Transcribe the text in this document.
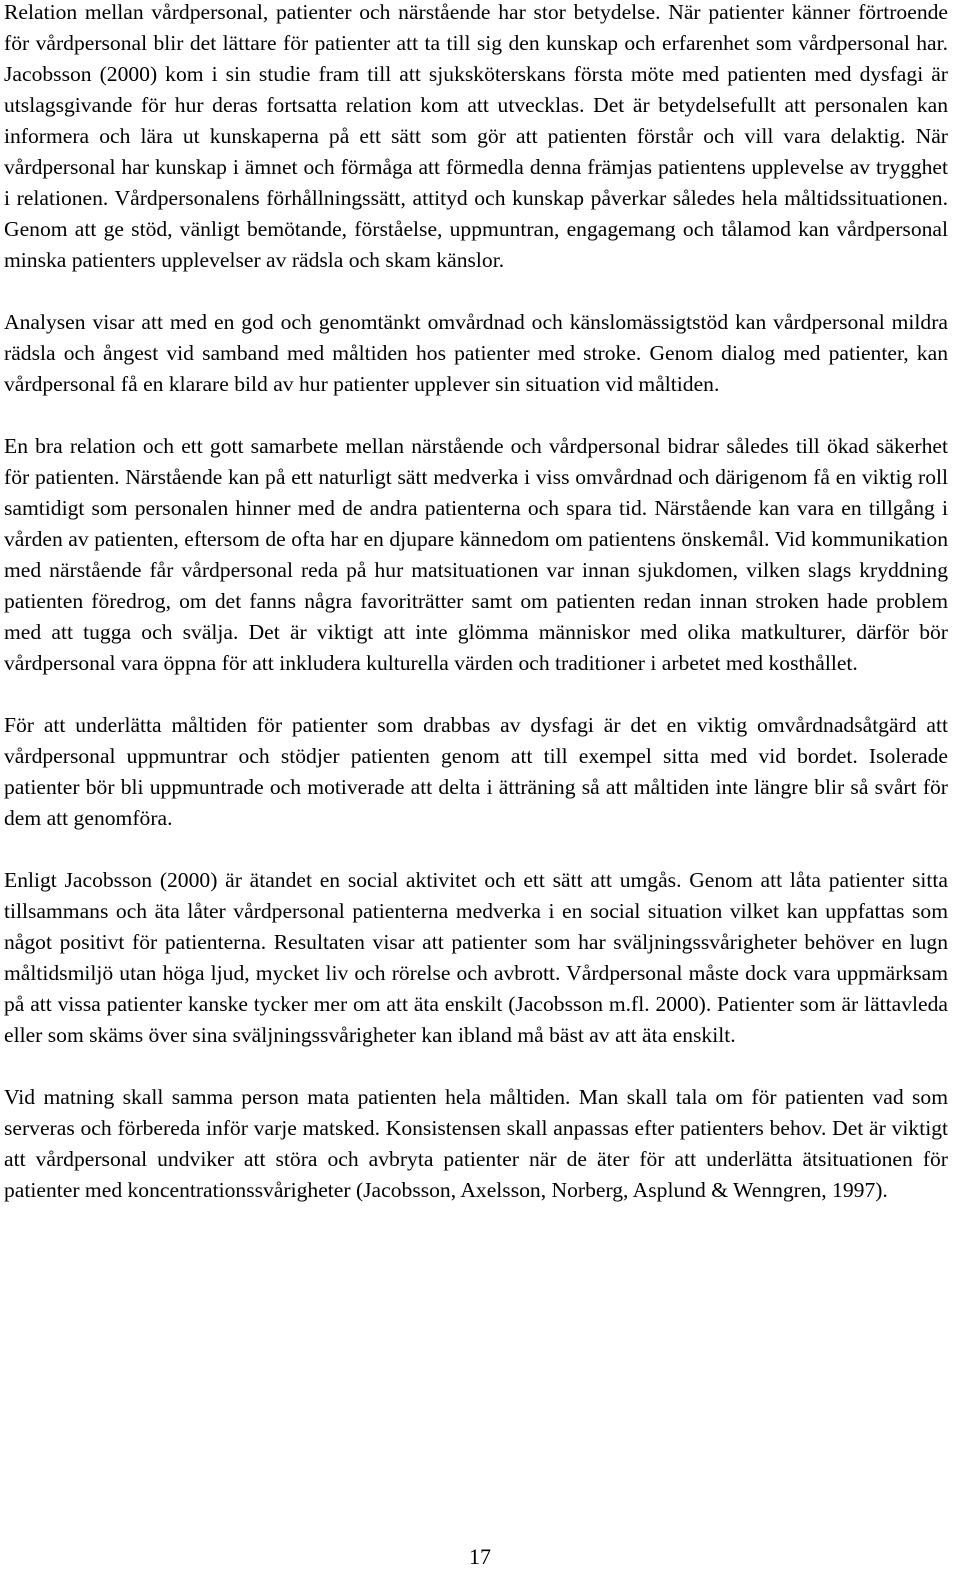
Relation mellan vårdpersonal, patienter och närstående har stor betydelse. När patienter känner förtroende för vårdpersonal blir det lättare för patienter att ta till sig den kunskap och erfarenhet som vårdpersonal har. Jacobsson (2000) kom i sin studie fram till att sjuksköterskans första möte med patienten med dysfagi är utslagsgivande för hur deras fortsatta relation kom att utvecklas. Det är betydelsefullt att personalen kan informera och lära ut kunskaperna på ett sätt som gör att patienten förstår och vill vara delaktig. När vårdpersonal har kunskap i ämnet och förmåga att förmedla denna främjas patientens upplevelse av trygghet i relationen. Vårdpersonalens förhållningssätt, attityd och kunskap påverkar således hela måltidssituationen. Genom att ge stöd, vänligt bemötande, förståelse, uppmuntran, engagemang och tålamod kan vårdpersonal minska patienters upplevelser av rädsla och skam känslor.

Analysen visar att med en god och genomtänkt omvårdnad och känslomässigtstöd kan vårdpersonal mildra rädsla och ångest vid samband med måltiden hos patienter med stroke. Genom dialog med patienter, kan vårdpersonal få en klarare bild av hur patienter upplever sin situation vid måltiden.

En bra relation och ett gott samarbete mellan närstående och vårdpersonal bidrar således till ökad säkerhet för patienten. Närstående kan på ett naturligt sätt medverka i viss omvårdnad och därigenom få en viktig roll samtidigt som personalen hinner med de andra patienterna och spara tid. Närstående kan vara en tillgång i vården av patienten, eftersom de ofta har en djupare kännedom om patientens önskemål. Vid kommunikation med närstående får vårdpersonal reda på hur matsituationen var innan sjukdomen, vilken slags kryddning patienten föredrog, om det fanns några favoriträtter samt om patienten redan innan stroken hade problem med att tugga och svälja. Det är viktigt att inte glömma människor med olika matkulturer, därför bör vårdpersonal vara öppna för att inkludera kulturella värden och traditioner i arbetet med kosthållet.

För att underlätta måltiden för patienter som drabbas av dysfagi är det en viktig omvårdnadsåtgärd att vårdpersonal uppmuntrar och stödjer patienten genom att till exempel sitta med vid bordet. Isolerade patienter bör bli uppmuntrade och motiverade att delta i ätträning så att måltiden inte längre blir så svårt för dem att genomföra.

Enligt Jacobsson (2000) är ätandet en social aktivitet och ett sätt att umgås. Genom att låta patienter sitta tillsammans och äta låter vårdpersonal patienterna medverka i en social situation vilket kan uppfattas som något positivt för patienterna. Resultaten visar att patienter som har sväljningssvårigheter behöver en lugn måltidsmiljö utan höga ljud, mycket liv och rörelse och avbrott. Vårdpersonal måste dock vara uppmärksam på att vissa patienter kanske tycker mer om att äta enskilt (Jacobsson m.fl. 2000). Patienter som är lättavleda eller som skäms över sina sväljningssvårigheter kan ibland må bäst av att äta enskilt.

Vid matning skall samma person mata patienten hela måltiden. Man skall tala om för patienten vad som serveras och förbereda inför varje matsked. Konsistensen skall anpassas efter patienters behov. Det är viktigt att vårdpersonal undviker att störa och avbryta patienter när de äter för att underlätta ätsituationen för patienter med koncentrationssvårigheter (Jacobsson, Axelsson, Norberg, Asplund & Wenngren, 1997).

17
